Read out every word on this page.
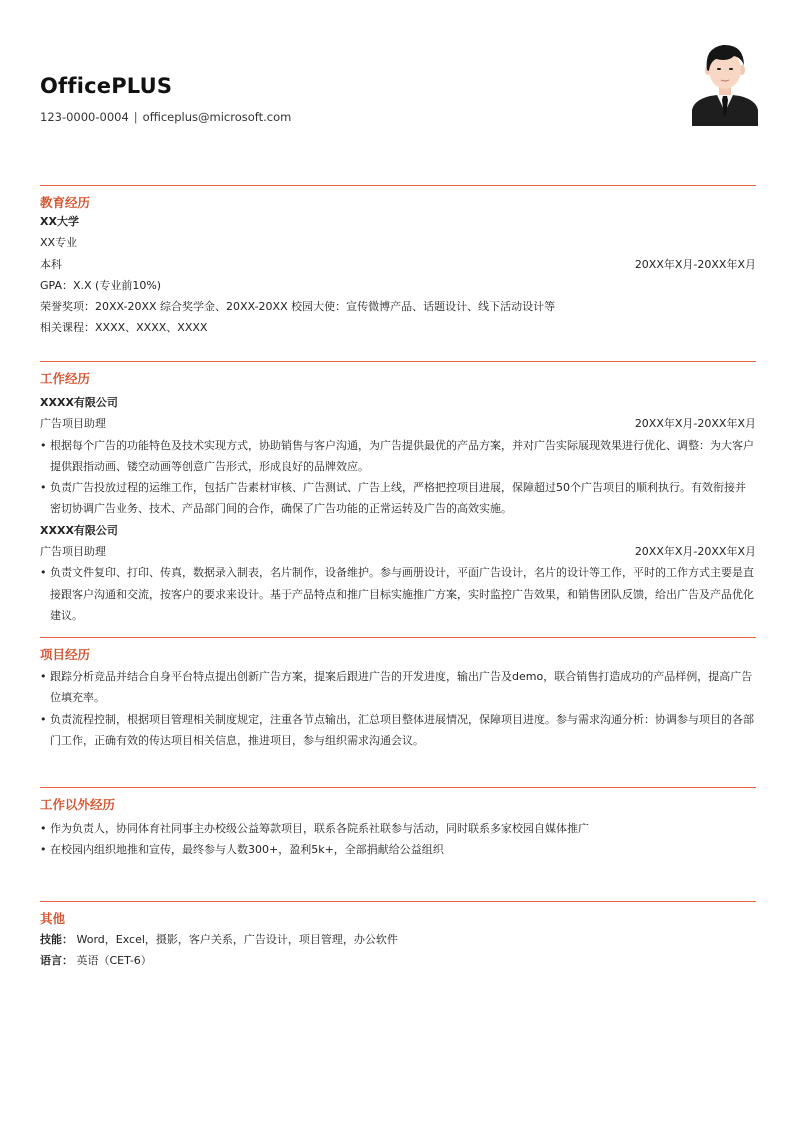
OfficePLUS
123-0000-0004 | officeplus@microsoft.com
教育经历
XX大学
XX专业
本科	20XX年X月-20XX年X月
GPA：X.X (专业前10%)
荣誉奖项：20XX-20XX 综合奖学金、20XX-20XX 校园大使：宣传微博产品、话题设计、线下活动设计等
相关课程：XXXX、XXXX、XXXX
工作经历
XXXX有限公司
广告项目助理	20XX年X月-20XX年X月
• 根据每个广告的功能特色及技术实现方式，协助销售与客户沟通，为广告提供最优的产品方案，并对广告实际展现效果进行优化、调整：为大客户提供跟指动画、镂空动画等创意广告形式，形成良好的品牌效应。
• 负责广告投放过程的运维工作，包括广告素材审核、广告测试、广告上线，严格把控项目进展，保障超过50个广告项目的顺利执行。有效衔接并密切协调广告业务、技术、产品部门间的合作，确保了广告功能的正常运转及广告的高效实施。
XXXX有限公司
广告项目助理	20XX年X月-20XX年X月
• 负责文件复印、打印、传真，数据录入制表，名片制作，设备维护。参与画册设计，平面广告设计，名片的设计等工作，平时的工作方式主要是直接跟客户沟通和交流，按客户的要求来设计。基于产品特点和推广目标实施推广方案，实时监控广告效果，和销售团队反馈，给出广告及产品优化建议。
项目经历
• 跟踪分析竞品并结合自身平台特点提出创新广告方案，提案后跟进广告的开发进度，输出广告及demo，联合销售打造成功的产品样例，提高广告位填充率。
• 负责流程控制，根据项目管理相关制度规定，注重各节点输出，汇总项目整体进展情况，保障项目进度。参与需求沟通分析：协调参与项目的各部门工作，正确有效的传达项目相关信息，推进项目，参与组织需求沟通会议。
工作以外经历
• 作为负责人，协同体育社同事主办校级公益筹款项目，联系各院系社联参与活动，同时联系多家校园自媒体推广
• 在校园内组织地推和宣传，最终参与人数300+，盈利5k+，全部捐献给公益组织
其他
技能： Word，Excel，摄影，客户关系，广告设计，项目管理，办公软件
语言： 英语（CET-6）
